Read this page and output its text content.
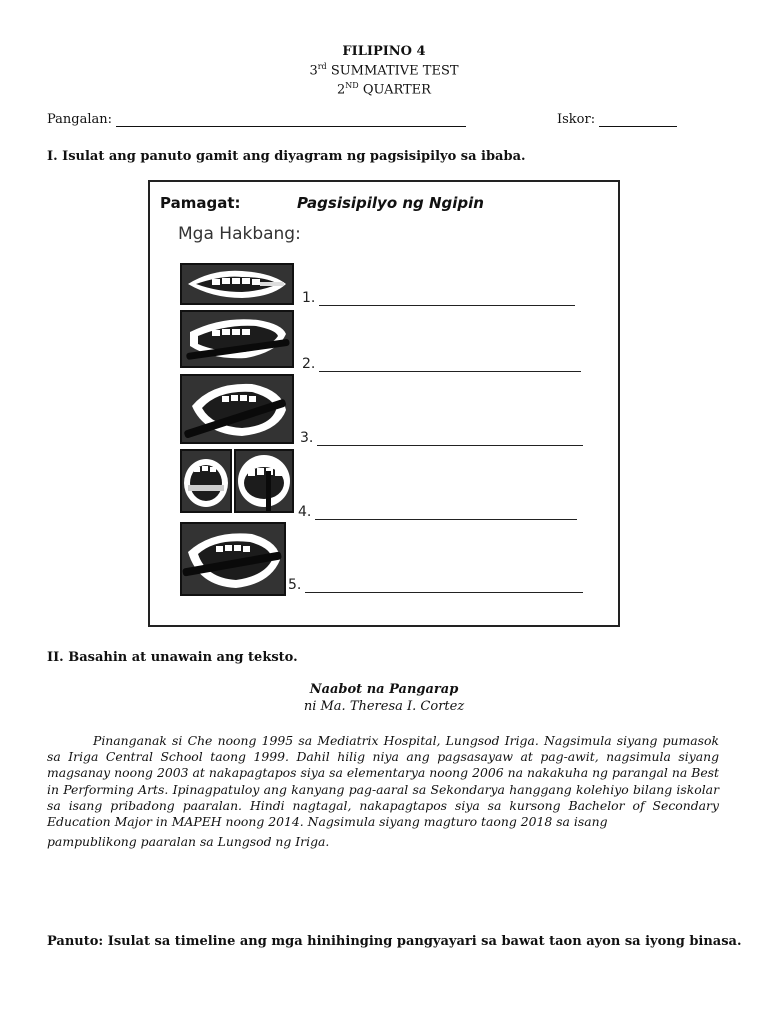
FILIPINO 4
3rd SUMMATIVE TEST
2ND QUARTER
Pangalan:	Iskor:
I. Isulat ang panuto gamit ang diyagram ng pagsisipilyo sa ibaba.
Pamagat:	Pagsisipilyo ng Ngipin
Mga Hakbang:
1.
2.
3.
4.
5.
II. Basahin at unawain ang teksto.
Naabot na Pangarap
ni Ma. Theresa I. Cortez
Pinanganak si Che noong 1995 sa Mediatrix Hospital, Lungsod Iriga. Nagsimula siyang pumasok sa Iriga Central School taong 1999. Dahil hilig niya ang pagsasayaw at pag-awit, nagsimula siyang magsanay noong 2003 at nakapagtapos siya sa elementarya noong 2006 na nakakuha ng parangal na Best in Performing Arts. Ipinagpatuloy ang kanyang pag-aaral sa Sekondarya hanggang kolehiyo bilang iskolar sa isang pribadong paaralan. Hindi nagtagal, nakapagtapos siya sa kursong Bachelor of Secondary Education Major in MAPEH noong 2014. Nagsimula siyang magturo taong 2018 sa isang
pampublikong paaralan sa Lungsod ng Iriga.
Panuto: Isulat sa timeline ang mga hinihinging pangyayari sa bawat taon ayon sa iyong binasa.
